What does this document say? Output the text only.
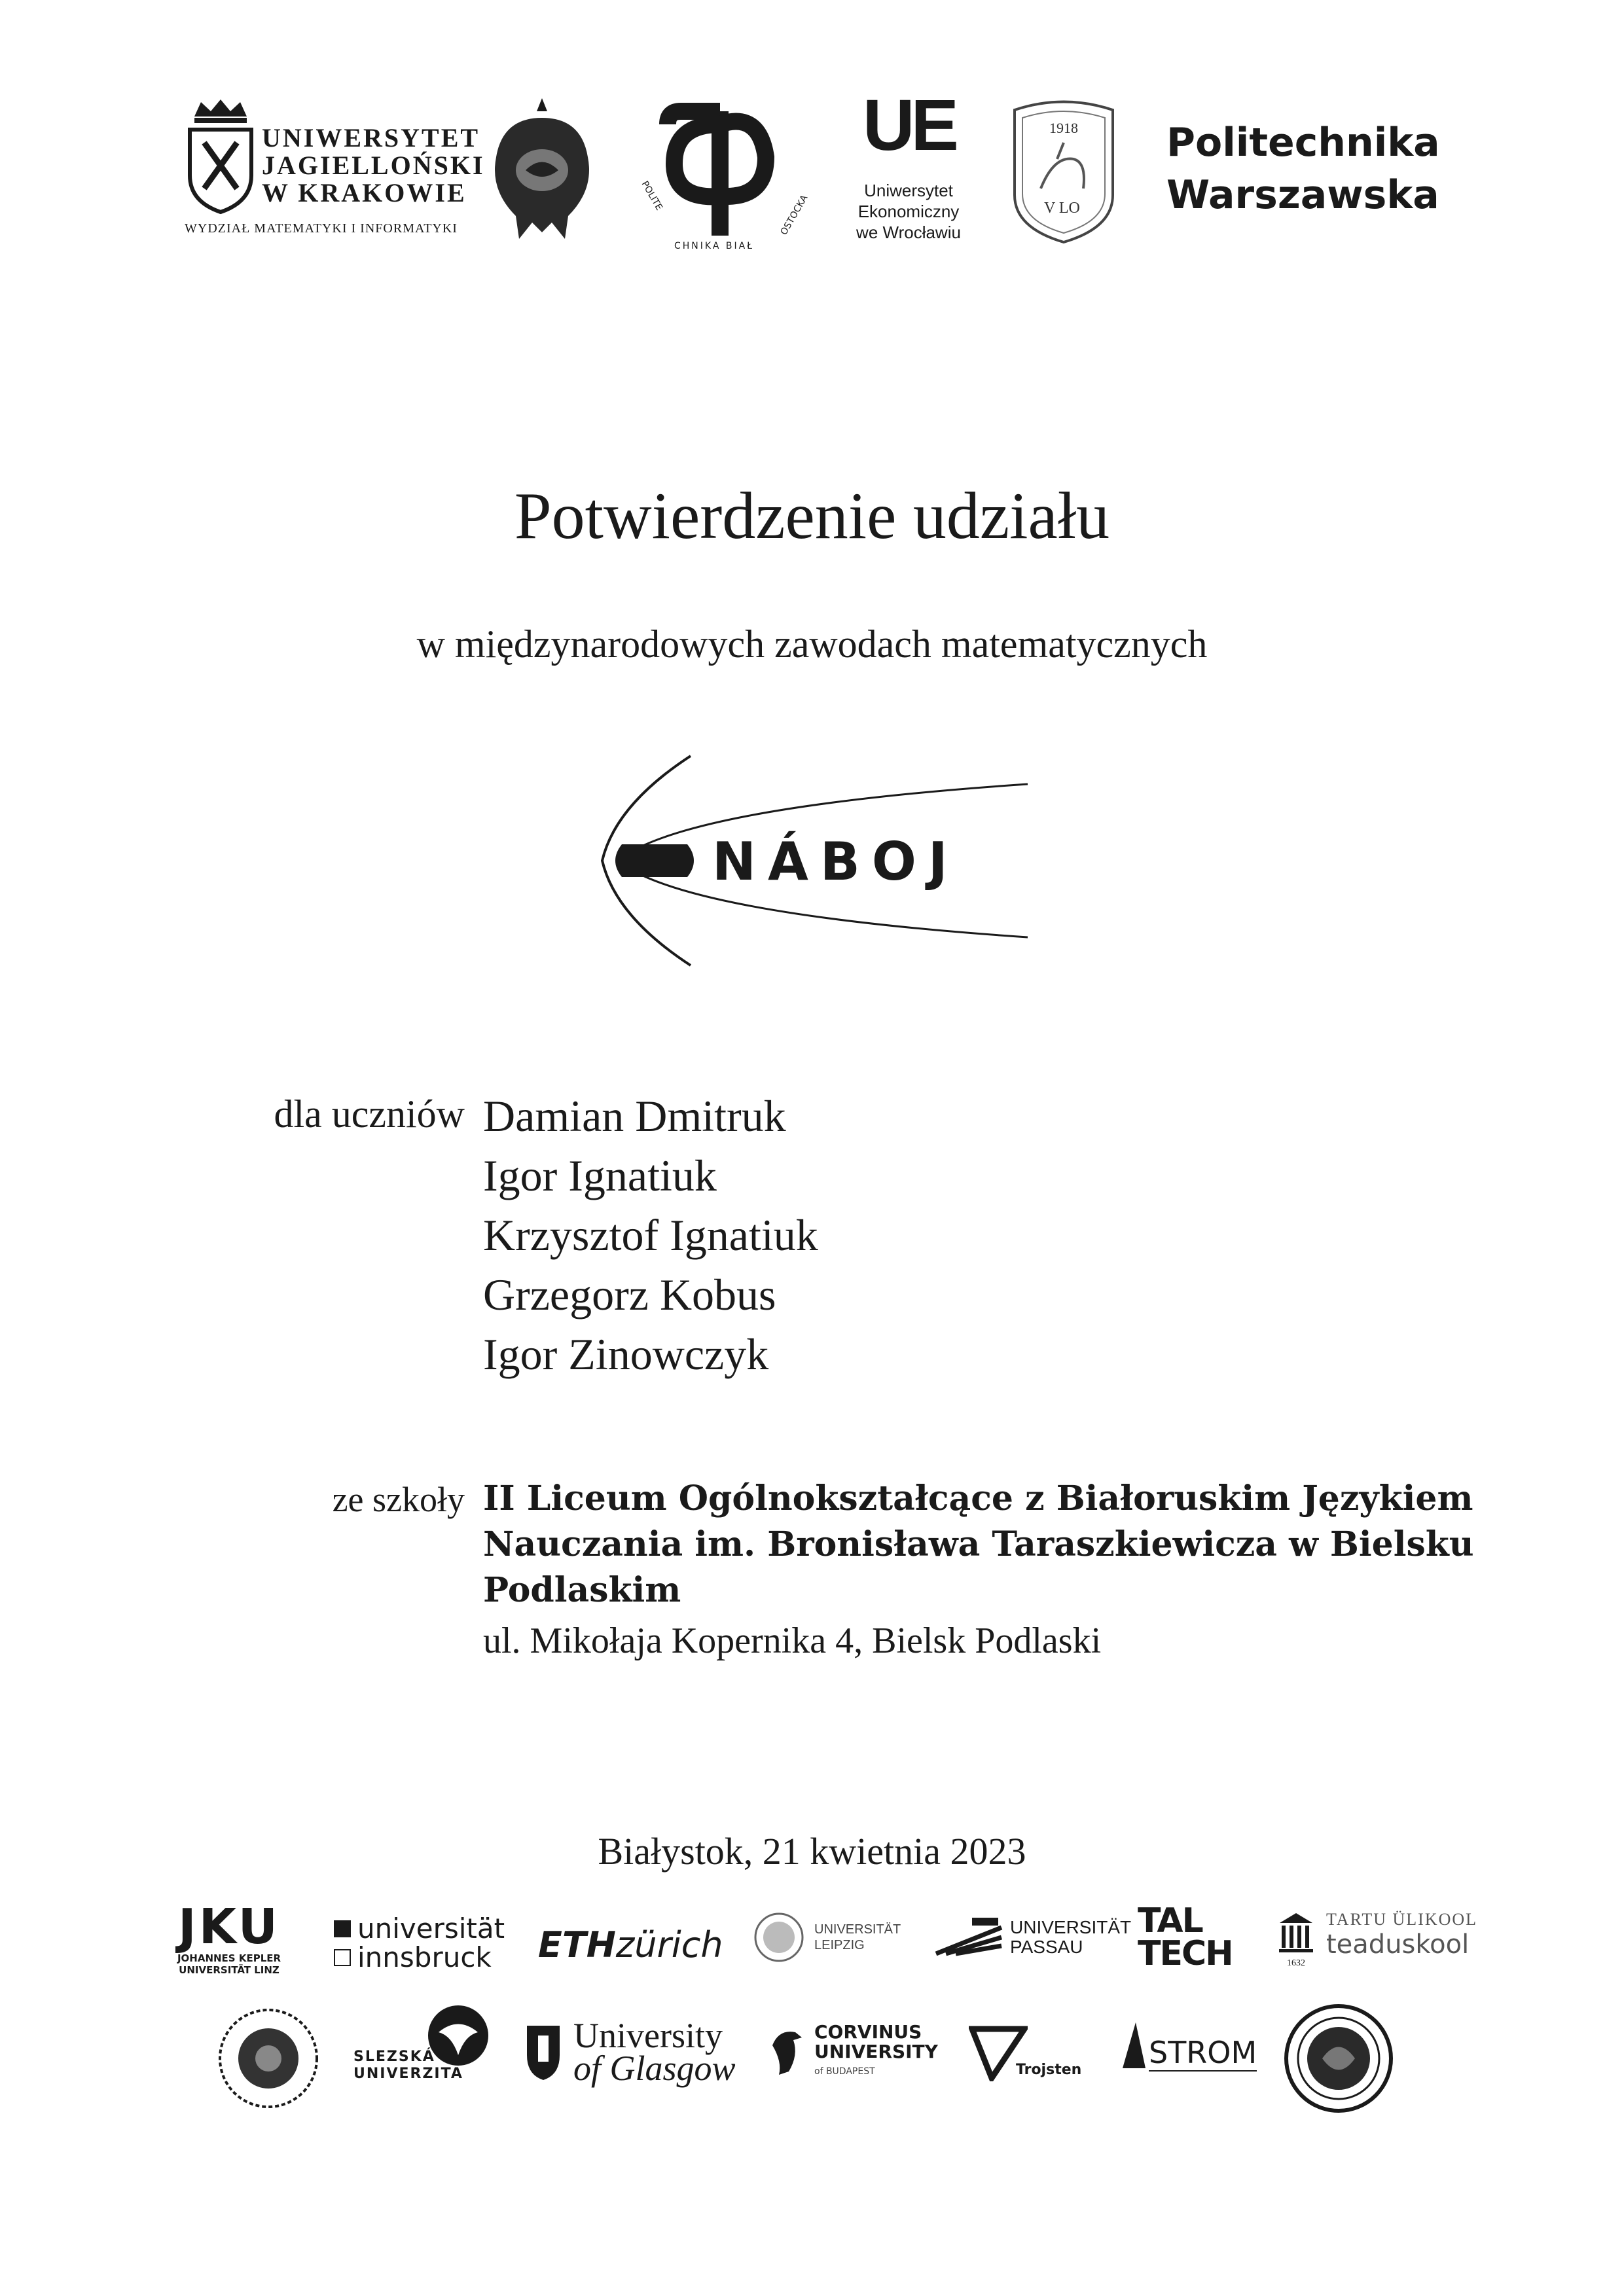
UNIWERSYTET
JAGIELLOŃSKI
W KRAKOWIE
WYDZIAŁ MATEMATYKI I INFORMATYKI
POLITE
CHNIKA BIAŁ
OSTOCKA
UE
Uniwersytet
Ekonomiczny
we Wrocławiu
1918
V LO
Politechnika
Warszawska
Potwierdzenie udziału
w międzynarodowych zawodach matematycznych
NÁBOJ
dla uczniów Damian Dmitruk
Igor Ignatiuk
Krzysztof Ignatiuk
Grzegorz Kobus
Igor Zinowczyk
ze szkoły II Liceum Ogólnokształcące z Białoruskim Językiem
Nauczania im. Bronisława Taraszkiewicza w Bielsku
Podlaskim
ul. Mikołaja Kopernika 4, Bielsk Podlaski
Białystok, 21 kwietnia 2023
JKU
JOHANNES KEPLER
UNIVERSITÄT LINZ
universität
innsbruck ETHzürich	UNIVERSITÄT
LEIPZIG
UNIVERSITÄT
PASSAU
TAL
TECH	1632
TARTU ÜLIKOOL
teaduskool
SLEZSKÁ
UNIVERZITA
University
of Glasgow
CORVINUS
UNIVERSITY
of BUDAPEST	Trojsten STROM
